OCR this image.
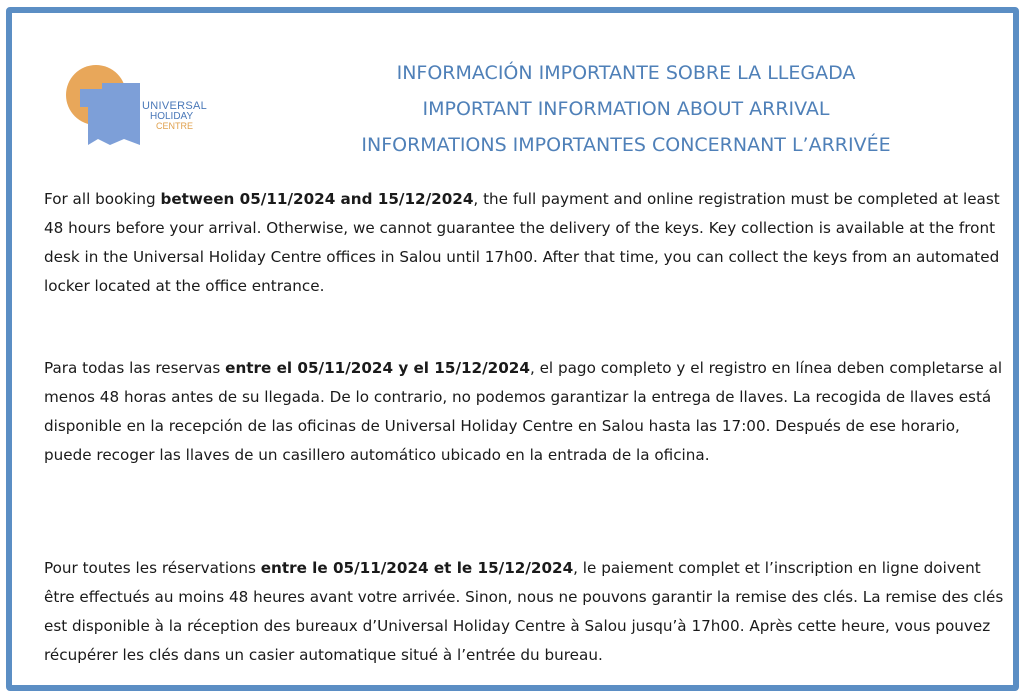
UNIVERSAL
HOLIDAY
CENTRE
INFORMACIÓN IMPORTANTE SOBRE LA LLEGADA
IMPORTANT INFORMATION ABOUT ARRIVAL
INFORMATIONS IMPORTANTES CONCERNANT L’ARRIVÉE
For all booking between 05/11/2024 and 15/12/2024, the full payment and online registration must be completed at least 48 hours before your arrival. Otherwise, we cannot guarantee the delivery of the keys. Key collection is available at the front desk in the Universal Holiday Centre offices in Salou until 17h00. After that time, you can collect the keys from an automated locker located at the office entrance.
Para todas las reservas entre el 05/11/2024 y el 15/12/2024, el pago completo y el registro en línea deben completarse al menos 48 horas antes de su llegada. De lo contrario, no podemos garantizar la entrega de llaves. La recogida de llaves está disponible en la recepción de las oficinas de Universal Holiday Centre en Salou hasta las 17:00. Después de ese horario, puede recoger las llaves de un casillero automático ubicado en la entrada de la oficina.
Pour toutes les réservations entre le 05/11/2024 et le 15/12/2024, le paiement complet et l’inscription en ligne doivent être effectués au moins 48 heures avant votre arrivée. Sinon, nous ne pouvons garantir la remise des clés. La remise des clés est disponible à la réception des bureaux d’Universal Holiday Centre à Salou jusqu’à 17h00. Après cette heure, vous pouvez récupérer les clés dans un casier automatique situé à l’entrée du bureau.
